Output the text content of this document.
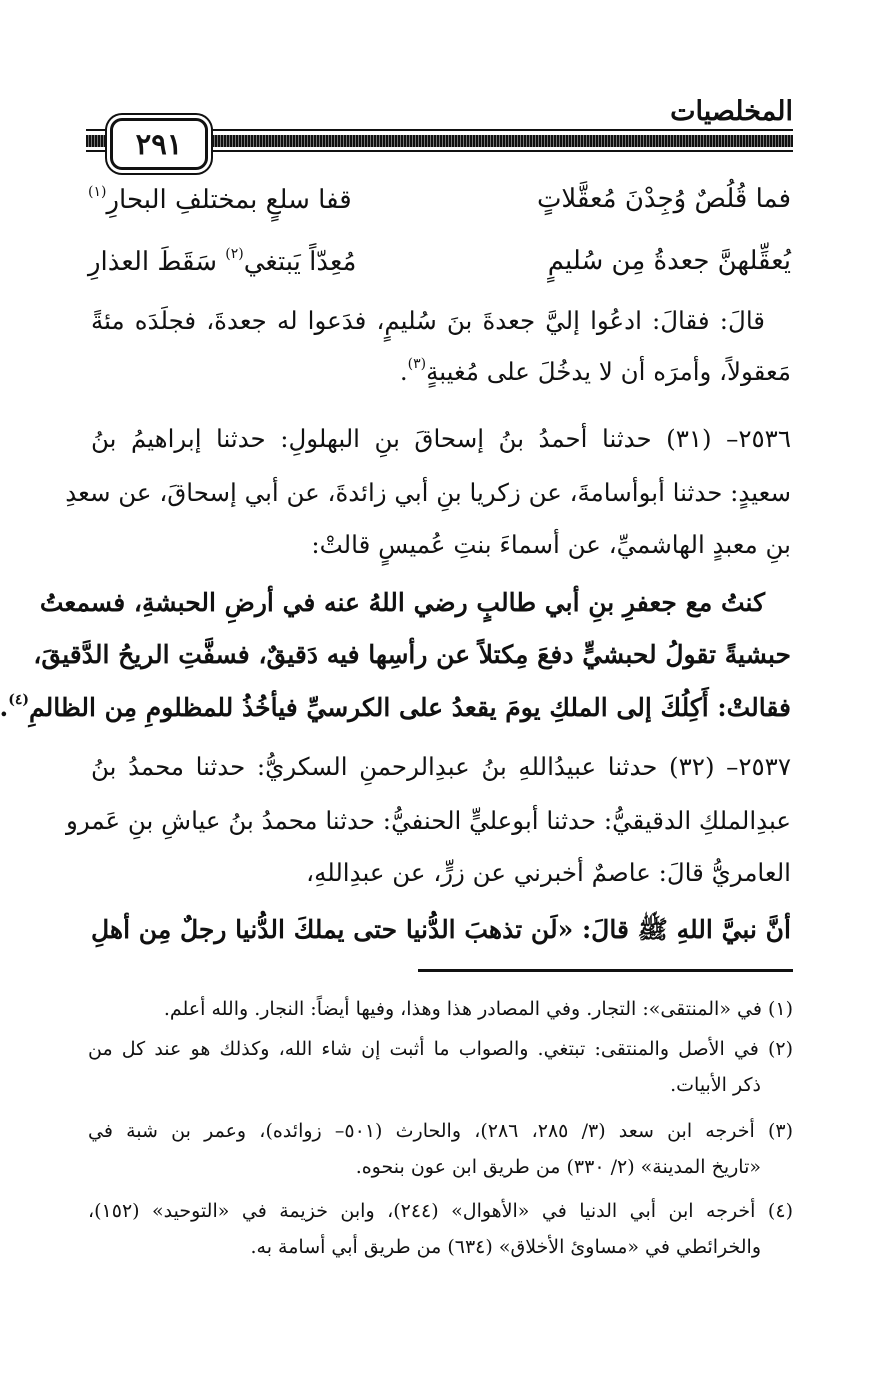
المخلصيات
٢٩١
فما قُلُصٌ وُجِدْنَ مُعقَّلاتٍ
قفا سلعٍ بمختلفِ البحارِ$^{(١)}$
يُعقِّلهنَّ جعدةُ مِن سُليمٍ
مُعِدّاً يَبتغي$^{(٢)}$ سَقَطَ العذارِ
قالَ: فقالَ: ادعُوا إليَّ جعدةَ بنَ سُليمٍ، فدَعوا له جعدةَ، فجلَدَه مئةً
مَعقولاً، وأمرَه أن لا يدخُلَ على مُغيبةٍ$^{(٣)}$.
٢٥٣٦– (٣١) حدثنا أحمدُ بنُ إسحاقَ بنِ البهلولِ: حدثنا إبراهيمُ بنُ
سعيدٍ: حدثنا أبوأسامةَ، عن زكريا بنِ أبي زائدةَ، عن أبي إسحاقَ، عن سعدِ
بنِ معبدٍ الهاشميِّ، عن أسماءَ بنتِ عُميسٍ قالتْ:
كنتُ مع جعفرِ بنِ أبي طالبٍ رضي اللهُ عنه في أرضِ الحبشةِ، فسمعتُ
حبشيةً تقولُ لحبشيٍّ دفعَ مِكتلاً عن رأسِها فيه دَقيقٌ، فسفَّتِ الريحُ الدَّقيقَ،
فقالتْ: أَكِلُكَ إلى الملكِ يومَ يقعدُ على الكرسيِّ فيأخُذُ للمظلومِ مِن الظالمِ$^{(٤)}$.
٢٥٣٧– (٣٢) حدثنا عبيدُاللهِ بنُ عبدِالرحمنِ السكريُّ: حدثنا محمدُ بنُ
عبدِالملكِ الدقيقيُّ: حدثنا أبوعليٍّ الحنفيُّ: حدثنا محمدُ بنُ عياشِ بنِ عَمرو
العامريُّ قالَ: عاصمٌ أخبرني عن زرٍّ، عن عبدِاللهِ،
أنَّ نبيَّ اللهِ ﷺ قالَ: «لَن تذهبَ الدُّنيا حتى يملكَ الدُّنيا رجلٌ مِن أهلِ
(١) في «المنتقى»: التجار. وفي المصادر هذا وهذا، وفيها أيضاً: النجار. والله أعلم.
(٢) في الأصل والمنتقى: تبتغي. والصواب ما أثبت إن شاء الله، وكذلك هو عند كل من
ذكر الأبيات.
(٣) أخرجه ابن سعد (٣/ ٢٨٥، ٢٨٦)، والحارث (٥٠١– زوائده)، وعمر بن شبة في
«تاريخ المدينة» (٢/ ٣٣٠) من طريق ابن عون بنحوه.
(٤) أخرجه ابن أبي الدنيا في «الأهوال» (٢٤٤)، وابن خزيمة في «التوحيد» (١٥٢)،
والخرائطي في «مساوئ الأخلاق» (٦٣٤) من طريق أبي أسامة به.
